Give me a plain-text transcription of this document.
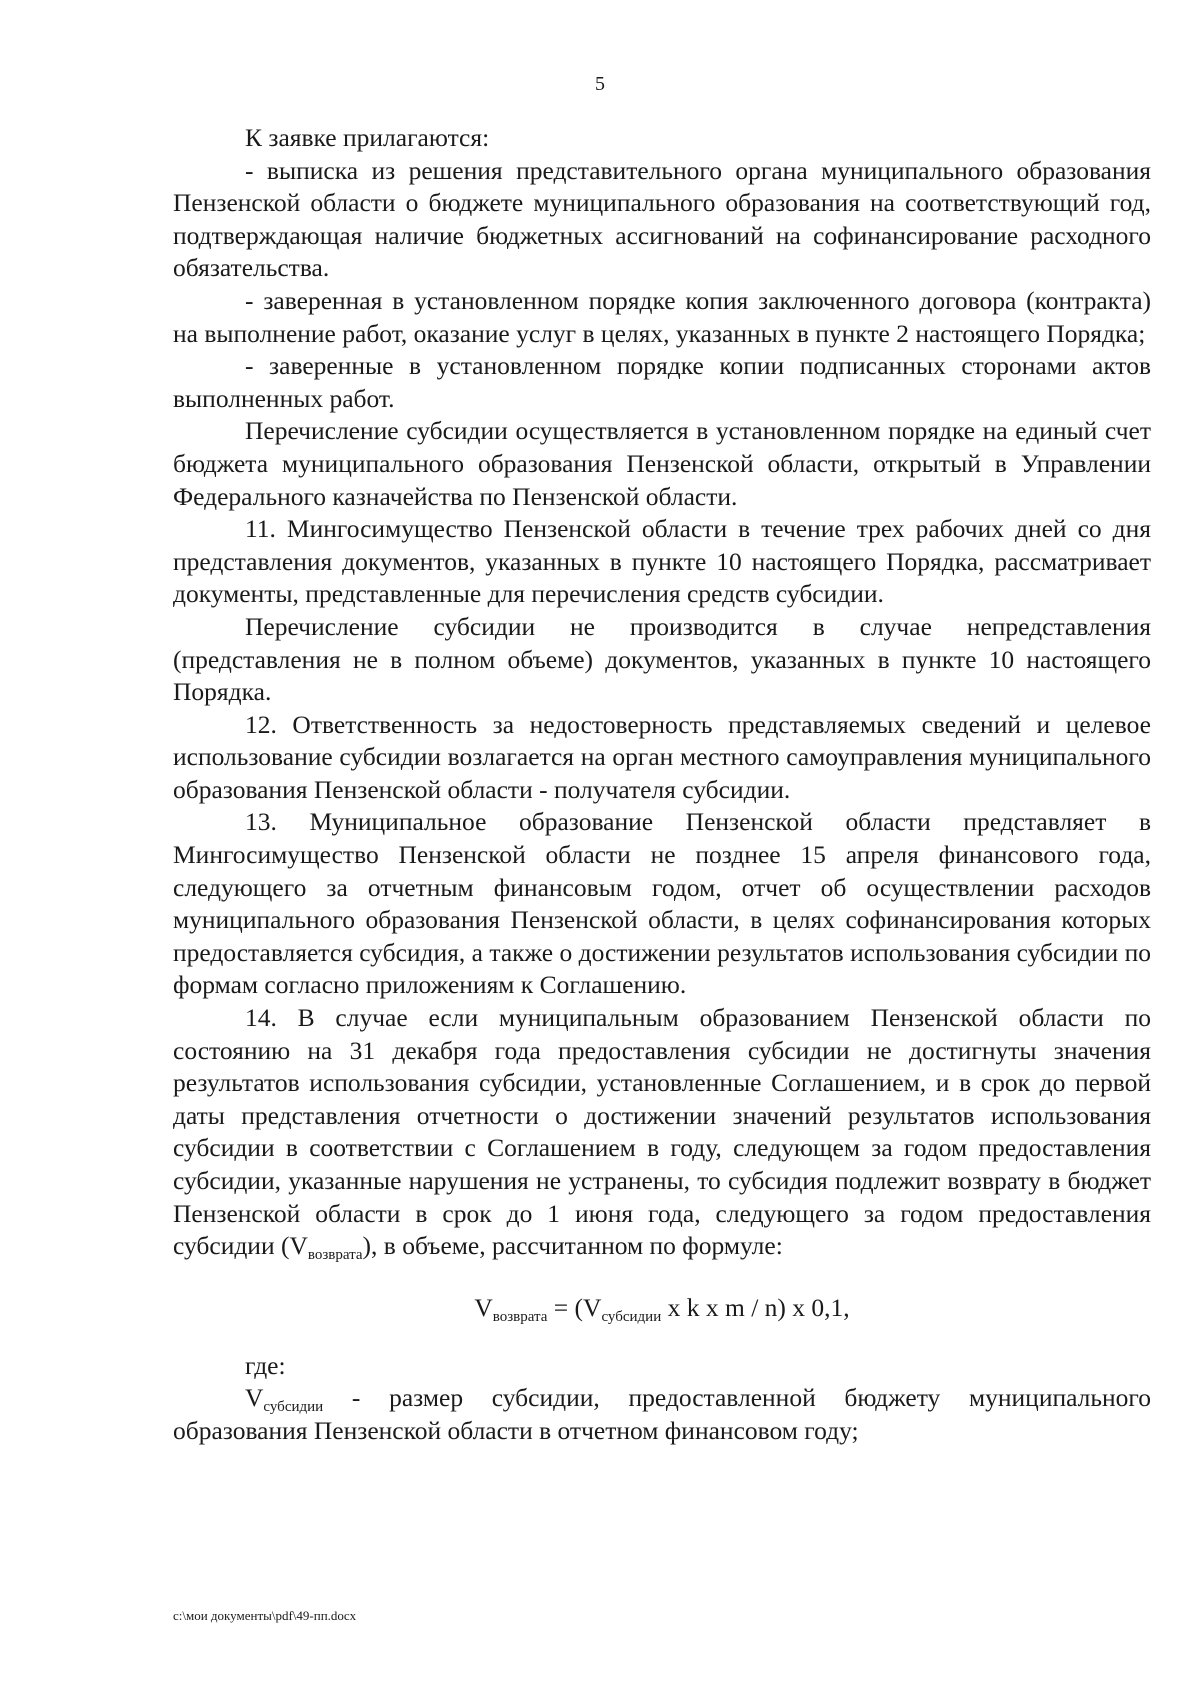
5

К заявке прилагаются:

- выписка из решения представительного органа муниципального образования Пензенской области о бюджете муниципального образования на соответствующий год, подтверждающая наличие бюджетных ассигнований на софинансирование расходного обязательства.

- заверенная в установленном порядке копия заключенного договора (контракта) на выполнение работ, оказание услуг в целях, указанных в пункте 2 настоящего Порядка;

- заверенные в установленном порядке копии подписанных сторонами актов выполненных работ.

Перечисление субсидии осуществляется в установленном порядке на единый счет бюджета муниципального образования Пензенской области, открытый в Управлении Федерального казначейства по Пензенской области.

11. Мингосимущество Пензенской области в течение трех рабочих дней со дня представления документов, указанных в пункте 10 настоящего Порядка, рассматривает документы, представленные для перечисления средств субсидии.

Перечисление субсидии не производится в случае непредставления (представления не в полном объеме) документов, указанных в пункте 10 настоящего Порядка.

12. Ответственность за недостоверность представляемых сведений и целевое использование субсидии возлагается на орган местного самоуправления муниципального образования Пензенской области - получателя субсидии.

13. Муниципальное образование Пензенской области представляет в Мингосимущество Пензенской области не позднее 15 апреля финансового года, следующего за отчетным финансовым годом, отчет об осуществлении расходов муниципального образования Пензенской области, в целях софинансирования которых предоставляется субсидия, а также о достижении результатов использования субсидии по формам согласно приложениям к Соглашению.

14. В случае если муниципальным образованием Пензенской области по состоянию на 31 декабря года предоставления субсидии не достигнуты значения результатов использования субсидии, установленные Соглашением, и в срок до первой даты представления отчетности о достижении значений результатов использования субсидии в соответствии с Соглашением в году, следующем за годом предоставления субсидии, указанные нарушения не устранены, то субсидия подлежит возврату в бюджет Пензенской области в срок до 1 июня года, следующего за годом предоставления субсидии $(V_{возврата})$, в объеме, рассчитанном по формуле:

$V_{возврата} = (V_{субсидии}$ x k x m / n) x 0,1,

где:

$V_{субсидии}$ - размер субсидии, предоставленной бюджету муниципального образования Пензенской области в отчетном финансовом году;

c:\мои документы\pdf\49-пп.docx
